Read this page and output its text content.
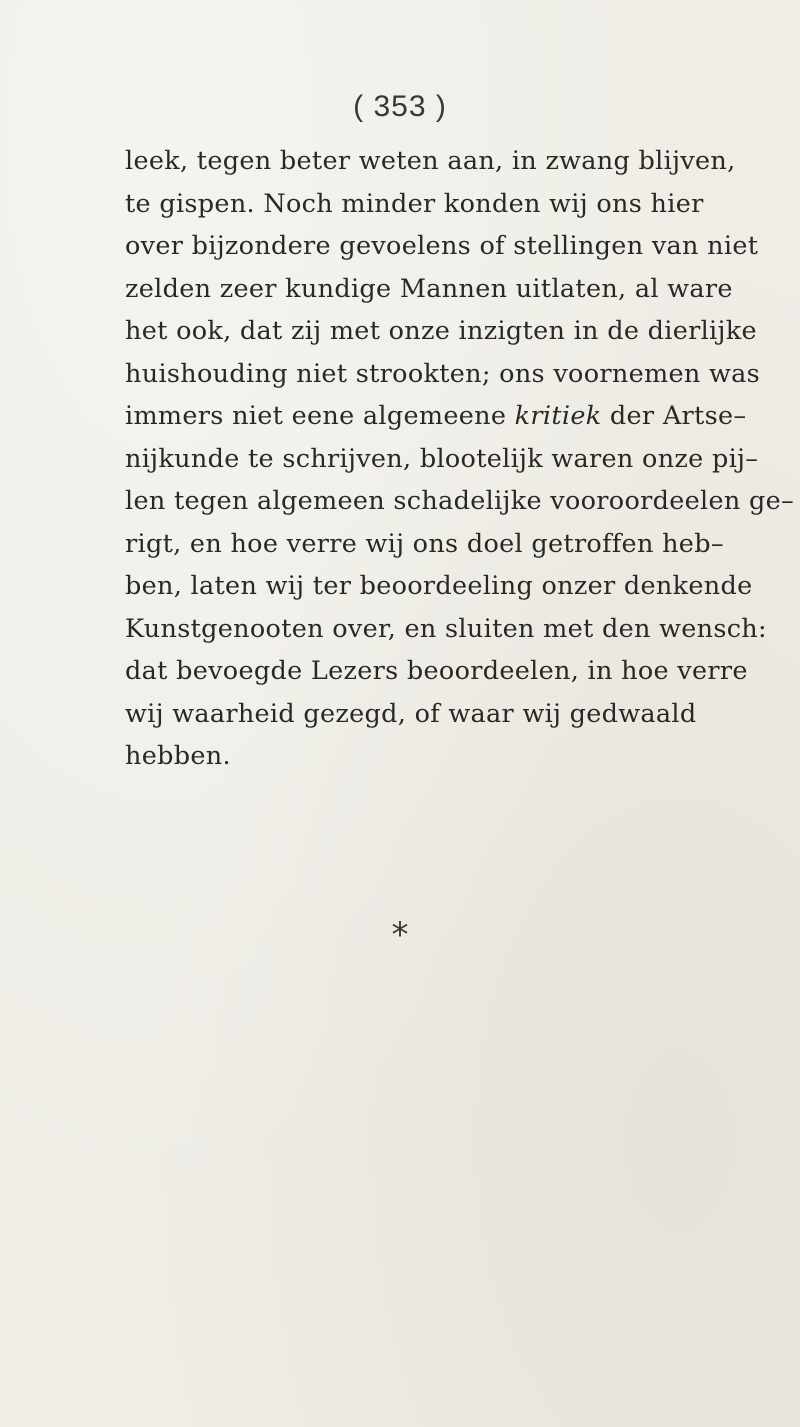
( 353 )
leek, tegen beter weten aan, in zwang blijven,
te gispen. Noch minder konden wij ons hier
over bijzondere gevoelens of stellingen van niet
zelden zeer kundige Mannen uitlaten, al ware
het ook, dat zij met onze inzigten in de dierlijke
huishouding niet strookten; ons voornemen was
immers niet eene algemeene kritiek der Artse–
nijkunde te schrijven, blootelijk waren onze pij–
len tegen algemeen schadelijke vooroordeelen ge–
rigt, en hoe verre wij ons doel getroffen heb–
ben, laten wij ter beoordeeling onzer denkende
Kunstgenooten over, en sluiten met den wensch:
dat bevoegde Lezers beoordeelen, in hoe verre
wij waarheid gezegd, of waar wij gedwaald
hebben.
*
